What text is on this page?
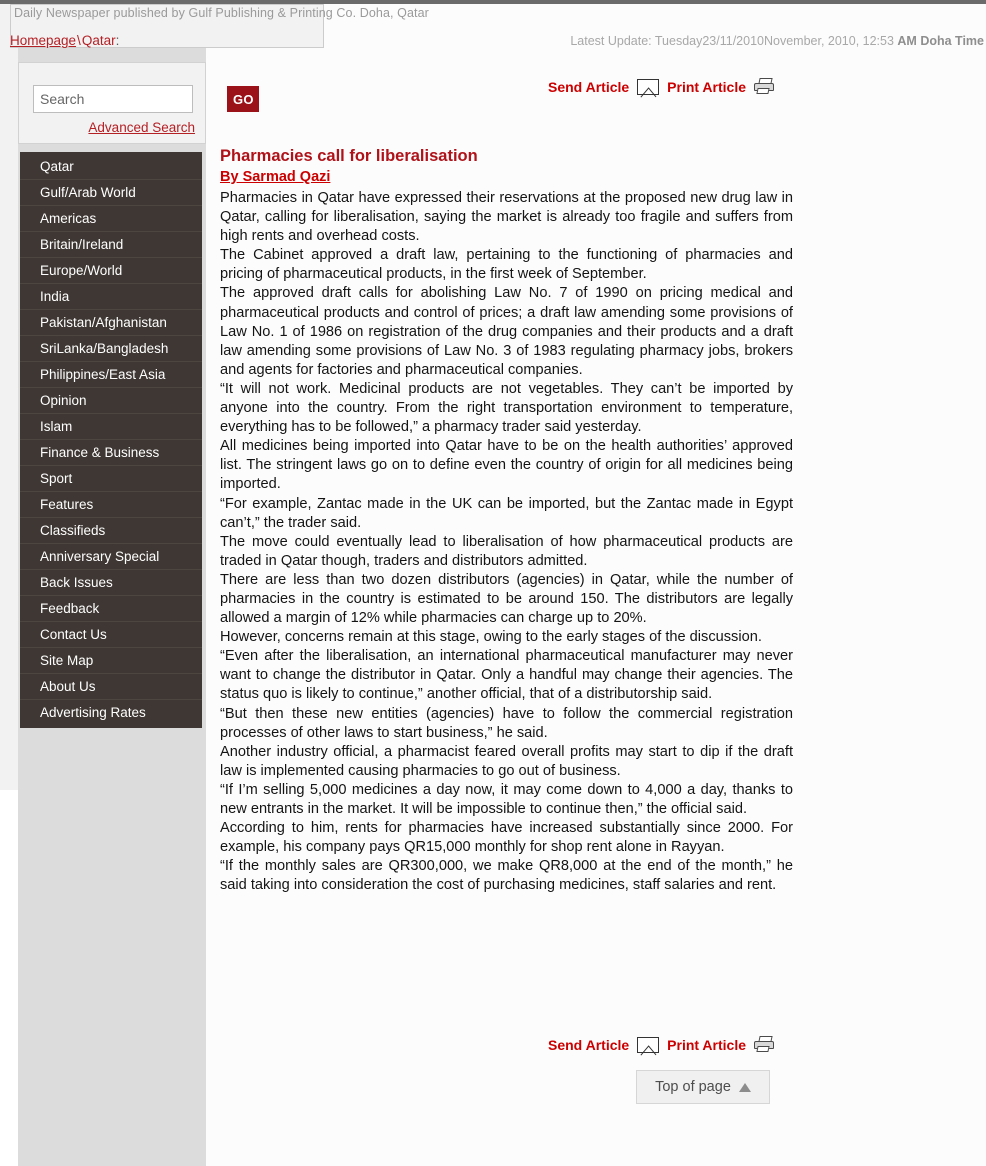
Daily Newspaper published by Gulf Publishing & Printing Co. Doha, Qatar
Homepage\Qatar:	Latest Update: Tuesday23/11/2010November, 2010, 12:53 AM Doha Time
Search
GO
Advanced Search
Qatar
Gulf/Arab World
Americas
Britain/Ireland
Europe/World
India
Pakistan/Afghanistan
SriLanka/Bangladesh
Philippines/East Asia
Opinion
Islam
Finance & Business
Sport
Features
Classifieds
Anniversary Special
Back Issues
Feedback
Contact Us
Site Map
About Us
Advertising Rates
Send Article	Print Article
Pharmacies call for liberalisation
By Sarmad Qazi

Pharmacies in Qatar have expressed their reservations at the proposed new drug law in Qatar, calling for liberalisation, saying the market is already too fragile and suffers from high rents and overhead costs.

The Cabinet approved a draft law, pertaining to the functioning of pharmacies and pricing of pharmaceutical products, in the first week of September.

The approved draft calls for abolishing Law No. 7 of 1990 on pricing medical and pharmaceutical products and control of prices; a draft law amending some provisions of Law No. 1 of 1986 on registration of the drug companies and their products and a draft law amending some provisions of Law No. 3 of 1983 regulating pharmacy jobs, brokers and agents for factories and pharmaceutical companies.

“It will not work. Medicinal products are not vegetables. They can’t be imported by anyone into the country. From the right transportation environment to temperature, everything has to be followed,” a pharmacy trader said yesterday.

All medicines being imported into Qatar have to be on the health authorities’ approved list. The stringent laws go on to define even the country of origin for all medicines being imported.

“For example, Zantac made in the UK can be imported, but the Zantac made in Egypt can’t,” the trader said.

The move could eventually lead to liberalisation of how pharmaceutical products are traded in Qatar though, traders and distributors admitted.

There are less than two dozen distributors (agencies) in Qatar, while the number of pharmacies in the country is estimated to be around 150. The distributors are legally allowed a margin of 12% while pharmacies can charge up to 20%.

However, concerns remain at this stage, owing to the early stages of the discussion.

“Even after the liberalisation, an international pharmaceutical manufacturer may never want to change the distributor in Qatar. Only a handful may change their agencies. The status quo is likely to continue,” another official, that of a distributorship said.

“But then these new entities (agencies) have to follow the commercial registration processes of other laws to start business,” he said.

Another industry official, a pharmacist feared overall profits may start to dip if the draft law is implemented causing pharmacies to go out of business.

“If I’m selling 5,000 medicines a day now, it may come down to 4,000 a day, thanks to new entrants in the market. It will be impossible to continue then,” the official said.

According to him, rents for pharmacies have increased substantially since 2000. For example, his company pays QR15,000 monthly for shop rent alone in Rayyan.

“If the monthly sales are QR300,000, we make QR8,000 at the end of the month,” he said taking into consideration the cost of purchasing medicines, staff salaries and rent.

Send Article	Print Article
Top of page
